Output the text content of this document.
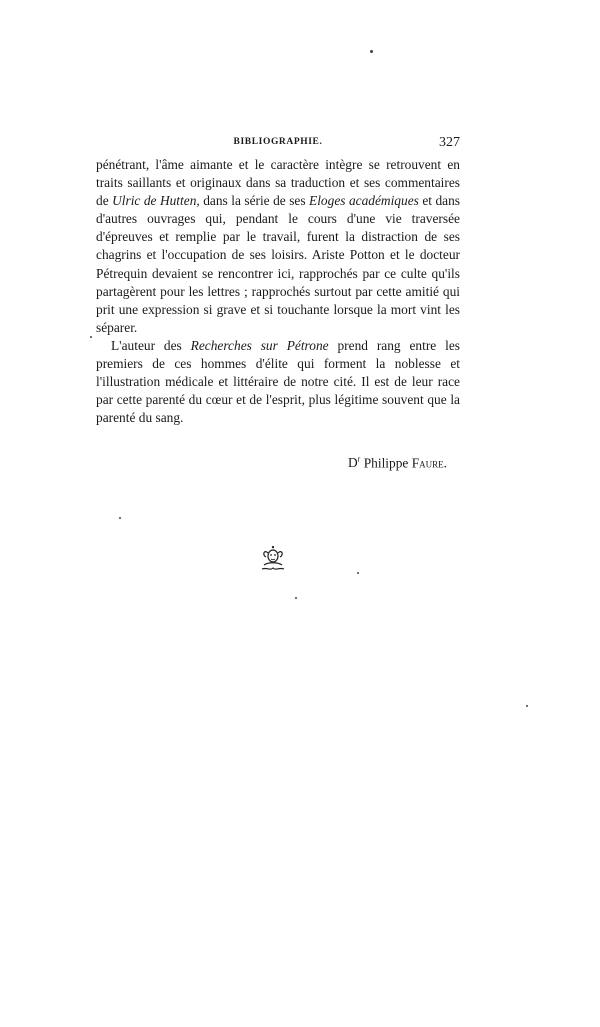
BIBLIOGRAPHIE.	327

pénétrant, l'âme aimante et le caractère intègre se retrouvent en traits saillants et originaux dans sa traduction et ses commentaires de Ulric de Hutten, dans la série de ses Eloges académiques et dans d'autres ouvrages qui, pendant le cours d'une vie traversée d'épreuves et remplie par le travail, furent la distraction de ses chagrins et l'occupation de ses loisirs. Ariste Potton et le docteur Pétrequin devaient se rencontrer ici, rapprochés par ce culte qu'ils partagèrent pour les lettres ; rapprochés surtout par cette amitié qui prit une expression si grave et si touchante lorsque la mort vint les séparer.

L'auteur des Recherches sur Pétrone prend rang entre les premiers de ces hommes d'élite qui forment la noblesse et l'illustration médicale et littéraire de notre cité. Il est de leur race par cette parenté du cœur et de l'esprit, plus légitime souvent que la parenté du sang.

$D^r$ Philippe Faure.
